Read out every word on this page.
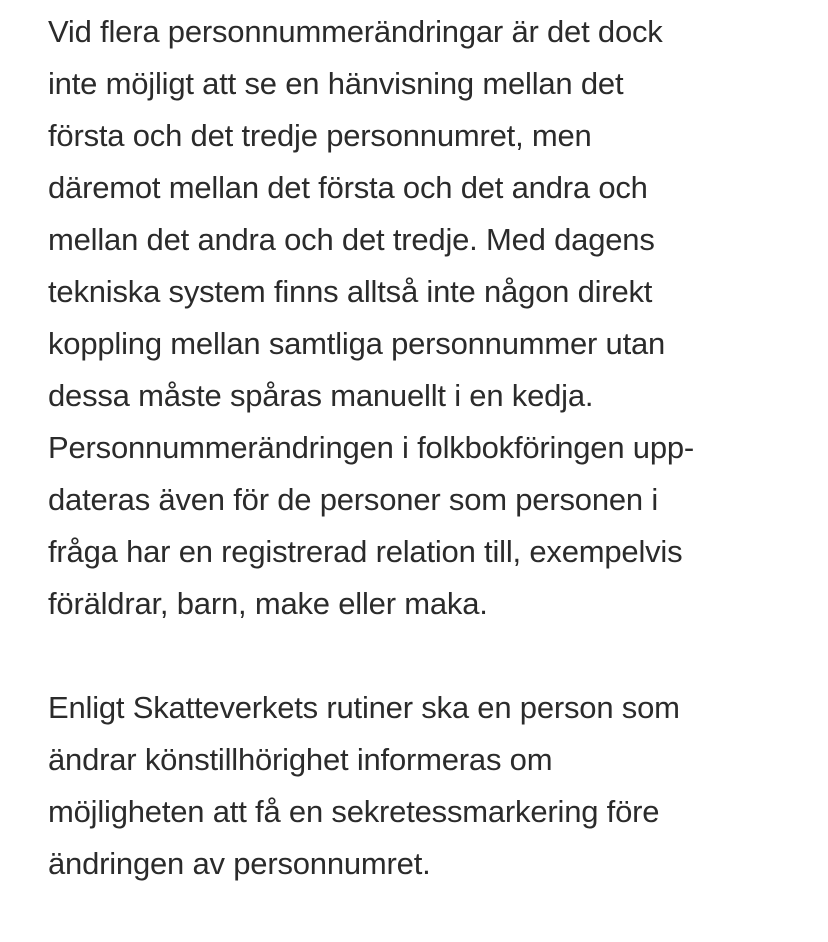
Vid flera personnummerändringar är det dock
inte möjligt att se en hänvisning mellan det
första och det tredje personnumret, men
däremot mellan det första och det andra och
mellan det andra och det tredje. Med dagens
tekniska system finns alltså inte någon direkt
koppling mellan samtliga personnummer utan
dessa måste spåras manuellt i en kedja.
Personnummerändringen i folkbokföringen upp-
dateras även för de personer som personen i
fråga har en registrerad relation till, exempelvis
föräldrar, barn, make eller maka.

Enligt Skatteverkets rutiner ska en person som
ändrar könstillhörighet informeras om
möjligheten att få en sekretessmarkering före
ändringen av personnumret.
